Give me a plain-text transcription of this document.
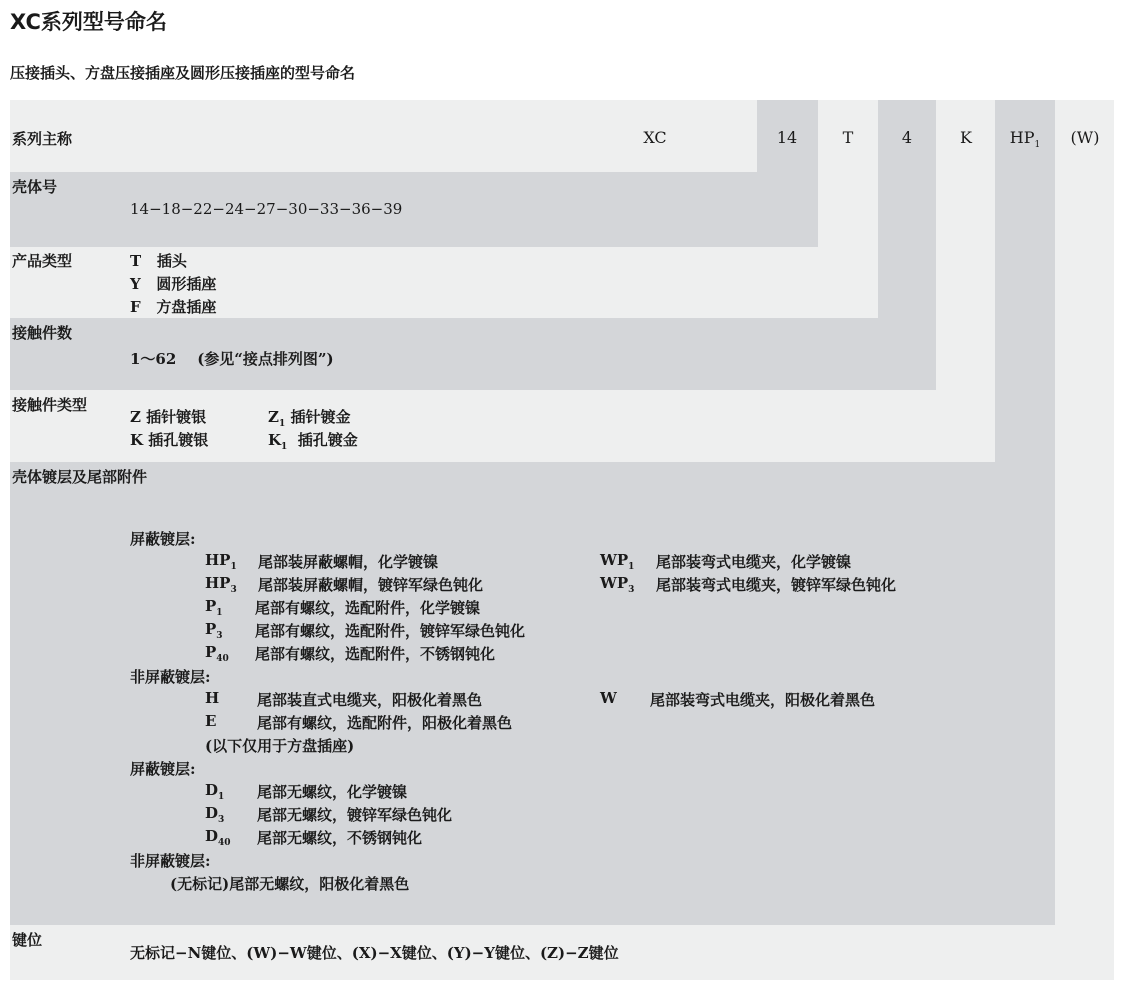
XC系列型号命名
压接插头、方盘压接插座及圆形压接插座的型号命名
系列主称	XC	14	T	4	K	$HP_1$	(W)
壳体号
14−18−22−24−27−30−33−36−39
产品类型	T   插头
Y   圆形插座
F   方盘插座
接触件数
1～62    (参见“接点排列图”)
接触件类型
Z 插针镀银	$Z_1$ 插针镀金
K 插孔镀银	$K_1$  插孔镀金
壳体镀层及尾部附件
屏蔽镀层:
$HP_1$ 尾部装屏蔽螺帽，化学镀镍	$WP_1$ 尾部装弯式电缆夹，化学镀镍
$HP_3$ 尾部装屏蔽螺帽，镀锌军绿色钝化	$WP_3$ 尾部装弯式电缆夹，镀锌军绿色钝化
$P_1$ 尾部有螺纹，选配附件，化学镀镍
$P_3$ 尾部有螺纹，选配附件，镀锌军绿色钝化
$P_{40}$ 尾部有螺纹，选配附件，不锈钢钝化
非屏蔽镀层:
H	尾部装直式电缆夹，阳极化着黑色	W 尾部装弯式电缆夹，阳极化着黑色
E	尾部有螺纹，选配附件，阳极化着黑色
(以下仅用于方盘插座)
屏蔽镀层:
$D_1$ 尾部无螺纹，化学镀镍
$D_3$ 尾部无螺纹，镀锌军绿色钝化
$D_{40}$ 尾部无螺纹，不锈钢钝化
非屏蔽镀层:
(无标记)尾部无螺纹，阳极化着黑色
键位
无标记−N键位、(W)−W键位、(X)−X键位、(Y)−Y键位、(Z)−Z键位
